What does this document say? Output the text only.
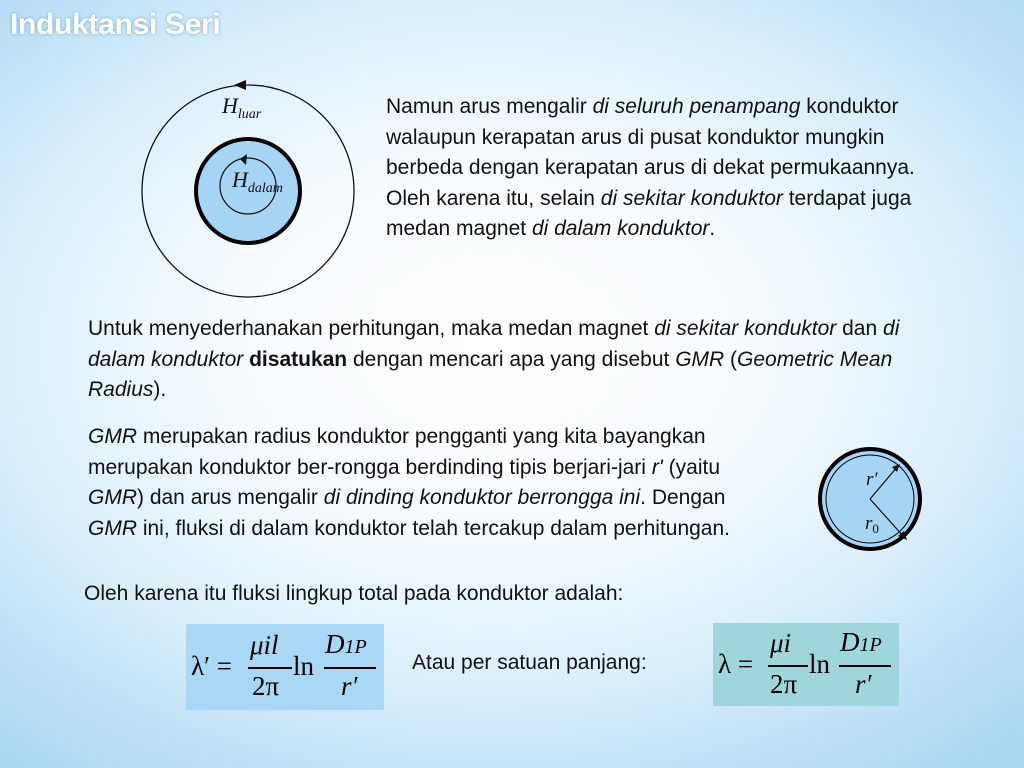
Induktansi Seri
$H_{luar}$
$H_{dalam}$
Namun arus mengalir di seluruh penampang konduktor walaupun kerapatan arus di pusat konduktor mungkin berbeda dengan kerapatan arus di dekat permukaannya. Oleh karena itu, selain di sekitar konduktor terdapat juga medan magnet di dalam konduktor.
Untuk menyederhanakan perhitungan, maka medan magnet di sekitar konduktor dan di dalam konduktor disatukan dengan mencari apa yang disebut GMR (Geometric Mean Radius).
GMR merupakan radius konduktor pengganti yang kita bayangkan merupakan konduktor ber-rongga berdinding tipis berjari-jari r' (yaitu GMR) dan arus mengalir di dinding konduktor berrongga ini. Dengan GMR ini, fluksi di dalam konduktor telah tercakup dalam perhitungan.
r′
$r_0$
Oleh karena itu fluksi lingkup total pada konduktor adalah:
λ′ =
μil
2π
ln
D1P
r′
Atau per satuan panjang:	λ =
μi
2π
ln
D1P
r′
